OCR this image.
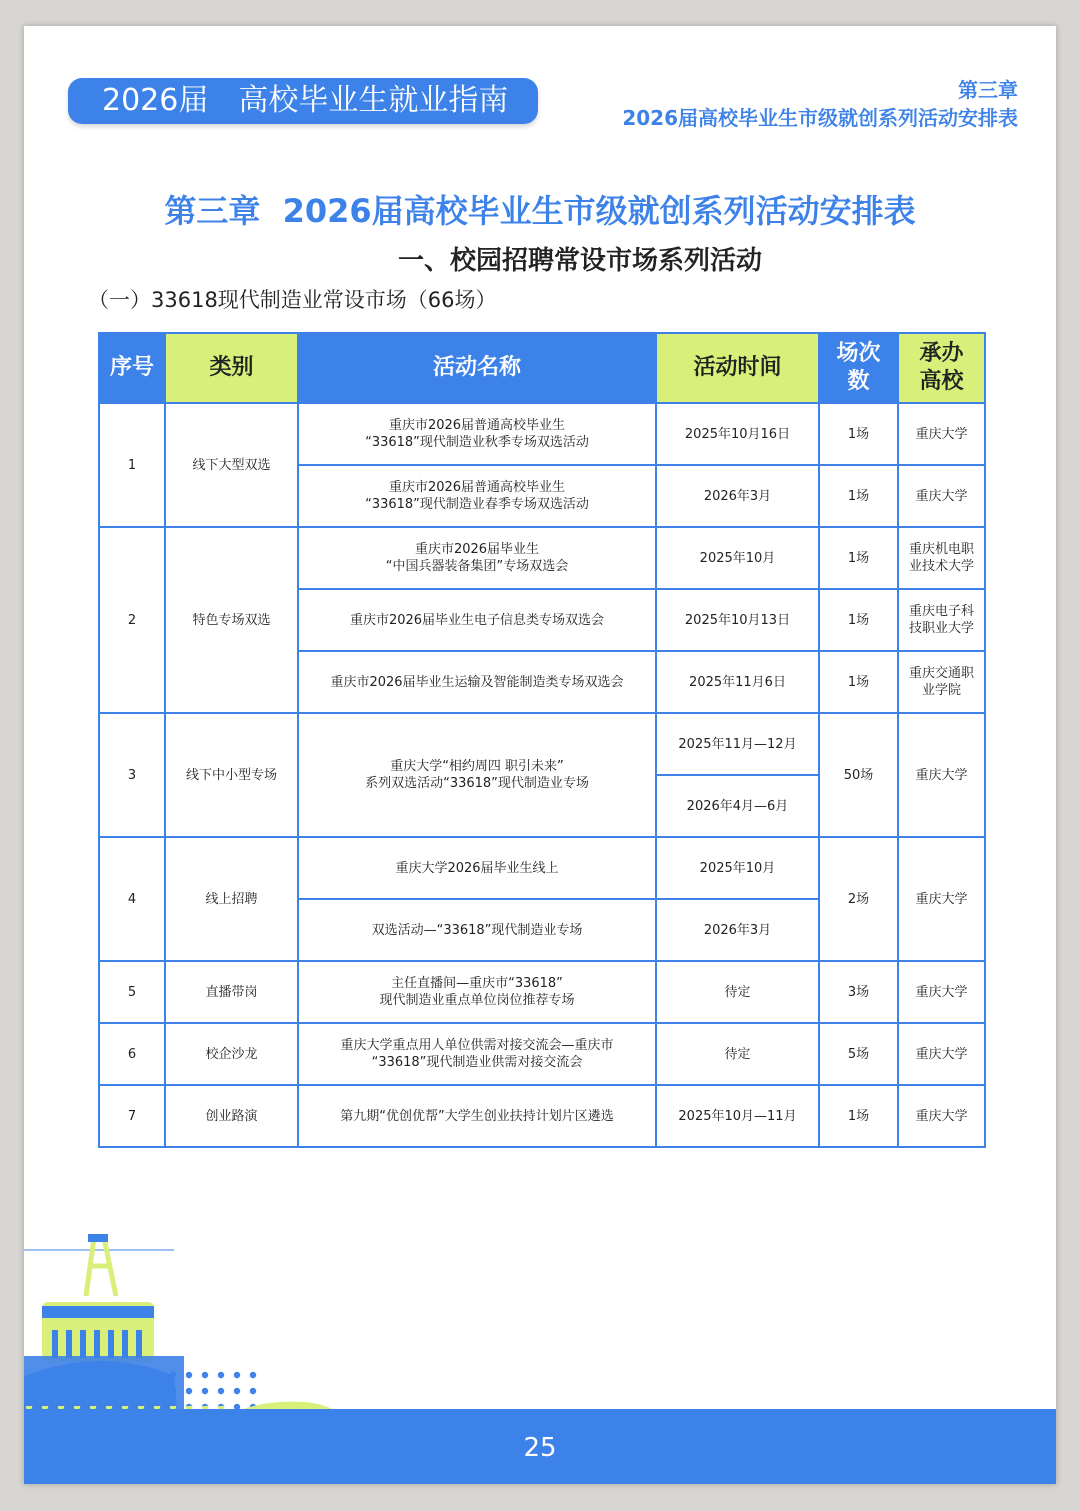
2026届 高校毕业生就业指南	第三章
2026届高校毕业生市级就创系列活动安排表
第三章  2026届高校毕业生市级就创系列活动安排表
一、校园招聘常设市场系列活动
（一）33618现代制造业常设市场（66场）
序号	类别	活动名称	活动时间	场次数	承办高校
1	线下大型双选	重庆市2026届普通高校毕业生
“33618”现代制造业秋季专场双选活动	2025年10月16日	1场	重庆大学
		重庆市2026届普通高校毕业生
“33618”现代制造业春季专场双选活动	2026年3月	1场	重庆大学
2	特色专场双选	重庆市2026届毕业生
“中国兵器装备集团”专场双选会	2025年10月	1场	重庆机电职
业技术大学
		重庆市2026届毕业生电子信息类专场双选会	2025年10月13日	1场	重庆电子科
技职业大学
		重庆市2026届毕业生运输及智能制造类专场双选会	2025年11月6日	1场	重庆交通职
业学院
3	线下中小型专场	重庆大学“相约周四 职引未来”
系列双选活动“33618”现代制造业专场	2025年11月—12月	50场	重庆大学
			2026年4月—6月		
4	线上招聘	重庆大学2026届毕业生线上	2025年10月	2场	重庆大学
		双选活动—“33618”现代制造业专场	2026年3月		
5	直播带岗	主任直播间—重庆市“33618”
现代制造业重点单位岗位推荐专场	待定	3场	重庆大学
6	校企沙龙	重庆大学重点用人单位供需对接交流会—重庆市
“33618”现代制造业供需对接交流会	待定	5场	重庆大学
7	创业路演	第九期“优创优帮”大学生创业扶持计划片区遴选	2025年10月—11月	1场	重庆大学
25
